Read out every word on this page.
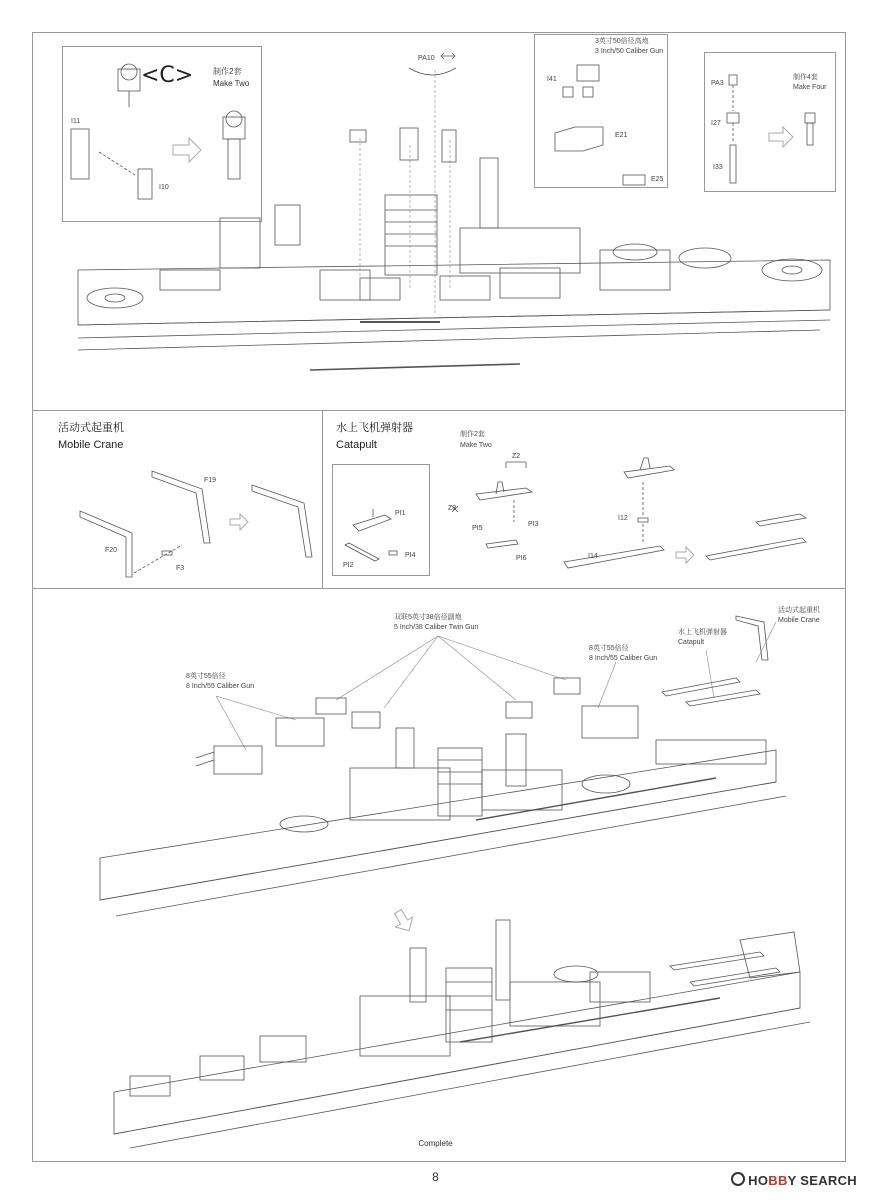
<C> 制作2套
Make Two
I11
I10
PA10
3英寸50倍径高炮
3 Inch/50 Caliber Gun
I41
E21
E25
PA3
I27
I33
制作4套
Make Four
活动式起重机
Mobile Crane
F19
F20
F3
水上飞机弹射器
Catapult
制作2套
Make Two
PI1
PI2
PI4
Z2
Z3
PI5
PI3
PI6
I12
I14
双联5英寸38倍径副炮
5 Inch/38 Caliber Twin Gun
8英寸55倍径
8 Inch/55 Caliber Gun
8英寸55倍径
8 Inch/55 Caliber Gun
水上飞机弹射器
Catapult
活动式起重机
Mobile Crane
Complete
8	HOBBY SEARCH
